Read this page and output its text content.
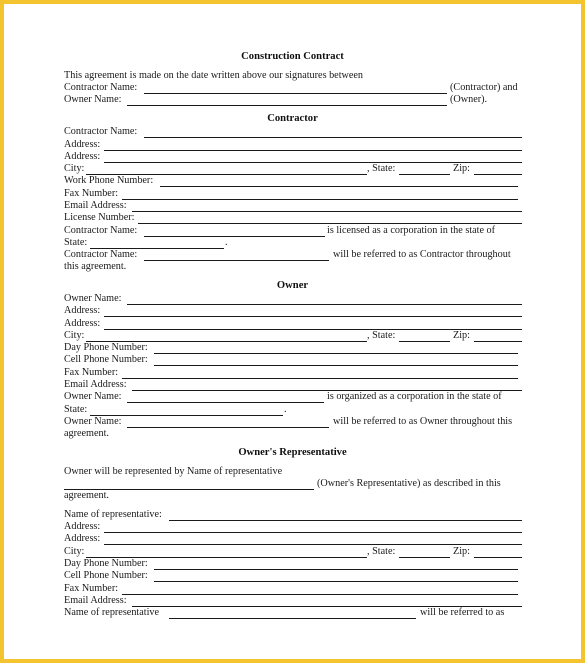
Construction Contract
This agreement is made on the date written above our signatures between
Contractor Name:	(Contractor) and
Owner Name:	(Owner).
Contractor
Contractor Name:
Address:
Address:
City:	, State:	Zip:
Work Phone Number:
Fax Number:
Email Address:
License Number:
Contractor Name:	is licensed as a corporation in the state of
State:	.
Contractor Name:	will be referred to as Contractor throughout
this agreement.
Owner
Owner Name:
Address:
Address:
City:	, State:	Zip:
Day Phone Number:
Cell Phone Number:
Fax Number:
Email Address:
Owner Name:	is organized as a corporation in the state of
State:	.
Owner Name:	will be referred to as Owner throughout this
agreement.
Owner's Representative
Owner will be represented by Name of representative
(Owner's Representative) as described in this
agreement.
Name of representative:
Address:
Address:
City:	, State:	Zip:
Day Phone Number:
Cell Phone Number:
Fax Number:
Email Address:
Name of representative	will be referred to as
